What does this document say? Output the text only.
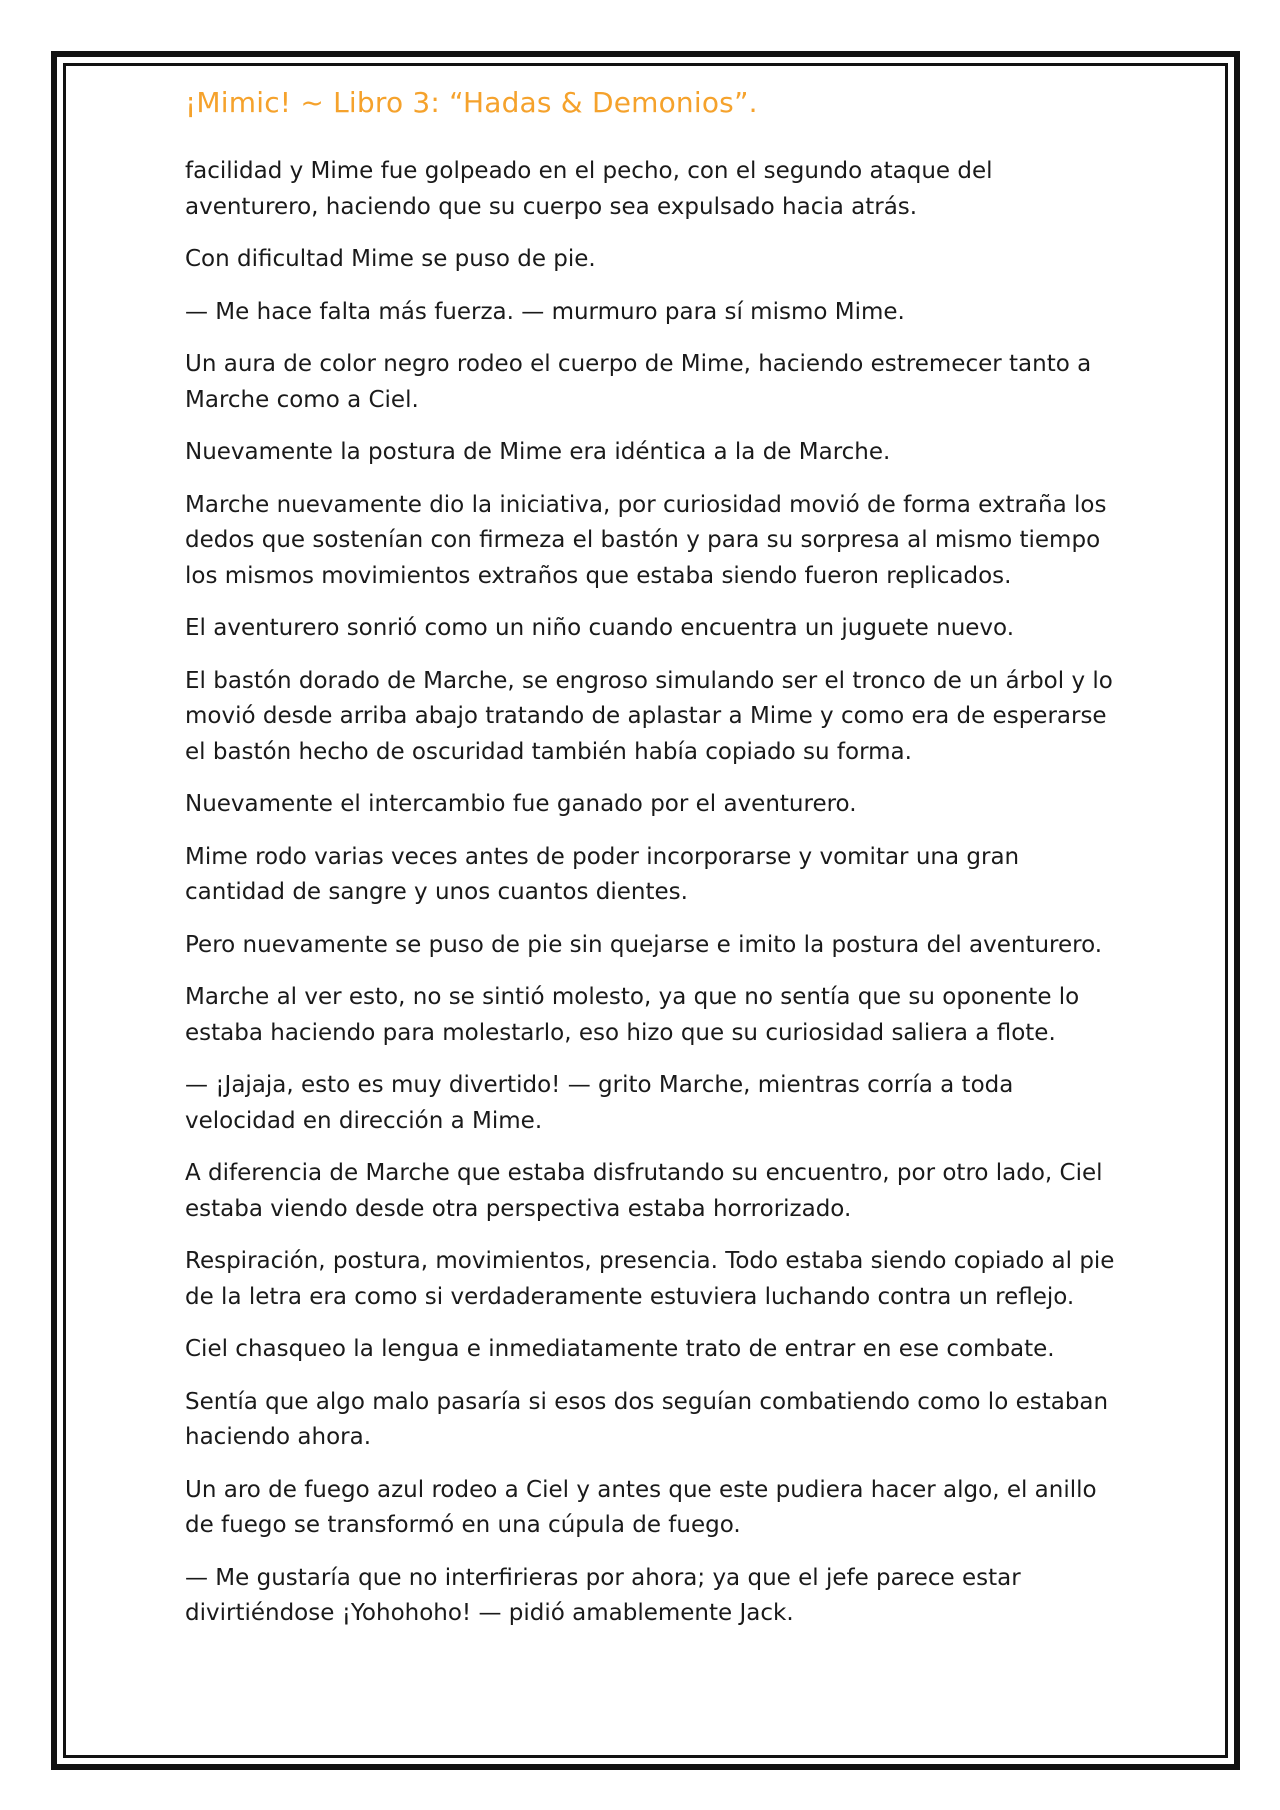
¡Mimic! ~ Libro 3: “Hadas & Demonios”.

facilidad y Mime fue golpeado en el pecho, con el segundo ataque del aventurero, haciendo que su cuerpo sea expulsado hacia atrás.

Con dificultad Mime se puso de pie.

— Me hace falta más fuerza. — murmuro para sí mismo Mime.

Un aura de color negro rodeo el cuerpo de Mime, haciendo estremecer tanto a Marche como a Ciel.

Nuevamente la postura de Mime era idéntica a la de Marche.

Marche nuevamente dio la iniciativa, por curiosidad movió de forma extraña los dedos que sostenían con firmeza el bastón y para su sorpresa al mismo tiempo los mismos movimientos extraños que estaba siendo fueron replicados.

El aventurero sonrió como un niño cuando encuentra un juguete nuevo.

El bastón dorado de Marche, se engroso simulando ser el tronco de un árbol y lo movió desde arriba abajo tratando de aplastar a Mime y como era de esperarse el bastón hecho de oscuridad también había copiado su forma.

Nuevamente el intercambio fue ganado por el aventurero.

Mime rodo varias veces antes de poder incorporarse y vomitar una gran cantidad de sangre y unos cuantos dientes.

Pero nuevamente se puso de pie sin quejarse e imito la postura del aventurero.

Marche al ver esto, no se sintió molesto, ya que no sentía que su oponente lo estaba haciendo para molestarlo, eso hizo que su curiosidad saliera a flote.

— ¡Jajaja, esto es muy divertido! — grito Marche, mientras corría a toda velocidad en dirección a Mime.

A diferencia de Marche que estaba disfrutando su encuentro, por otro lado, Ciel estaba viendo desde otra perspectiva estaba horrorizado.

Respiración, postura, movimientos, presencia. Todo estaba siendo copiado al pie de la letra era como si verdaderamente estuviera luchando contra un reflejo.

Ciel chasqueo la lengua e inmediatamente trato de entrar en ese combate.

Sentía que algo malo pasaría si esos dos seguían combatiendo como lo estaban haciendo ahora.

Un aro de fuego azul rodeo a Ciel y antes que este pudiera hacer algo, el anillo de fuego se transformó en una cúpula de fuego.

— Me gustaría que no interfirieras por ahora; ya que el jefe parece estar divirtiéndose ¡Yohohoho! — pidió amablemente Jack.
